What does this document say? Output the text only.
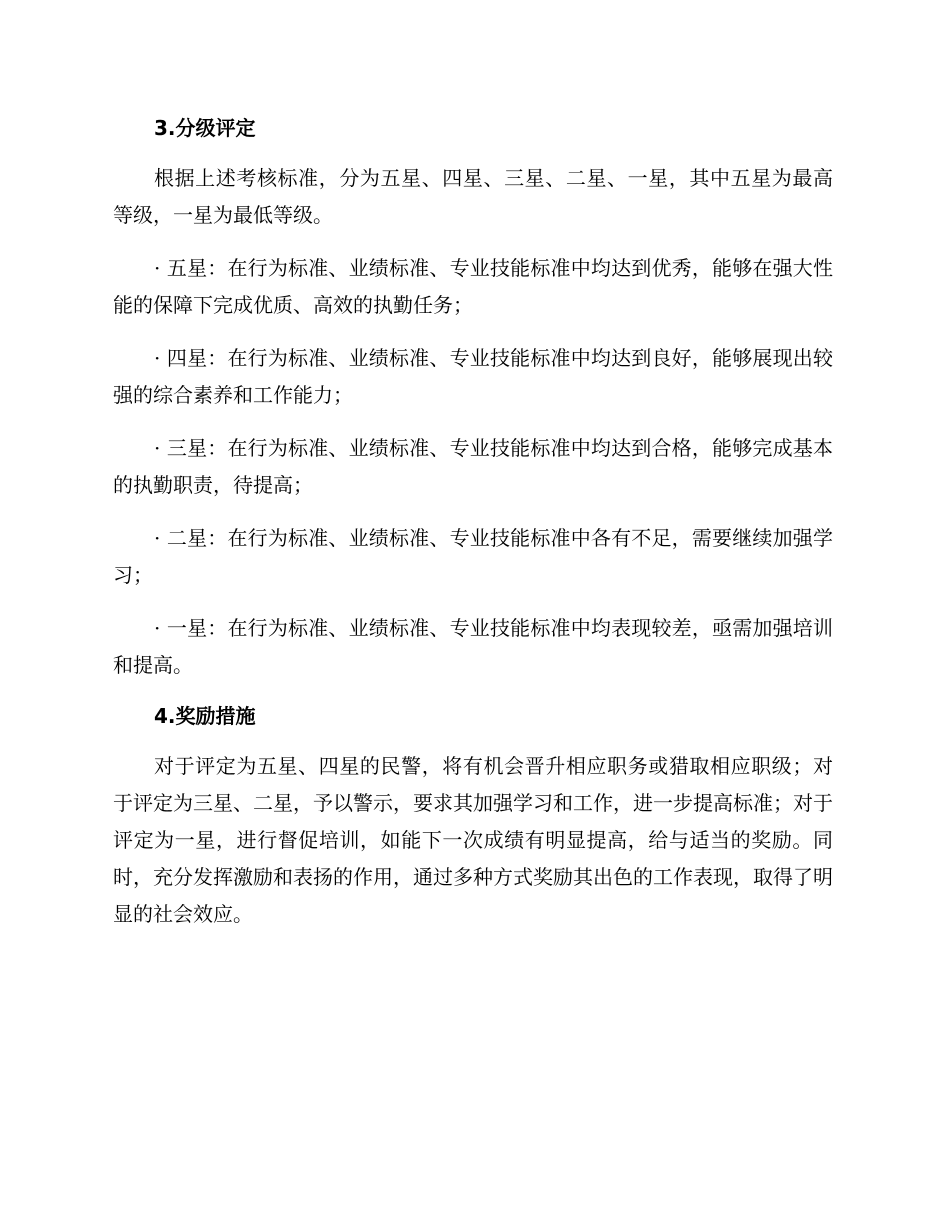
3.分级评定

根据上述考核标准，分为五星、四星、三星、二星、一星，其中五星为最高等级，一星为最低等级。

· 五星：在行为标准、业绩标准、专业技能标准中均达到优秀，能够在强大性能的保障下完成优质、高效的执勤任务；

· 四星：在行为标准、业绩标准、专业技能标准中均达到良好，能够展现出较强的综合素养和工作能力；

· 三星：在行为标准、业绩标准、专业技能标准中均达到合格，能够完成基本的执勤职责，待提高；

· 二星：在行为标准、业绩标准、专业技能标准中各有不足，需要继续加强学习；

· 一星：在行为标准、业绩标准、专业技能标准中均表现较差，亟需加强培训和提高。

4.奖励措施

对于评定为五星、四星的民警，将有机会晋升相应职务或猎取相应职级；对于评定为三星、二星，予以警示，要求其加强学习和工作，进一步提高标准；对于评定为一星，进行督促培训，如能下一次成绩有明显提高，给与适当的奖励。同时，充分发挥激励和表扬的作用，通过多种方式奖励其出色的工作表现，取得了明显的社会效应。
